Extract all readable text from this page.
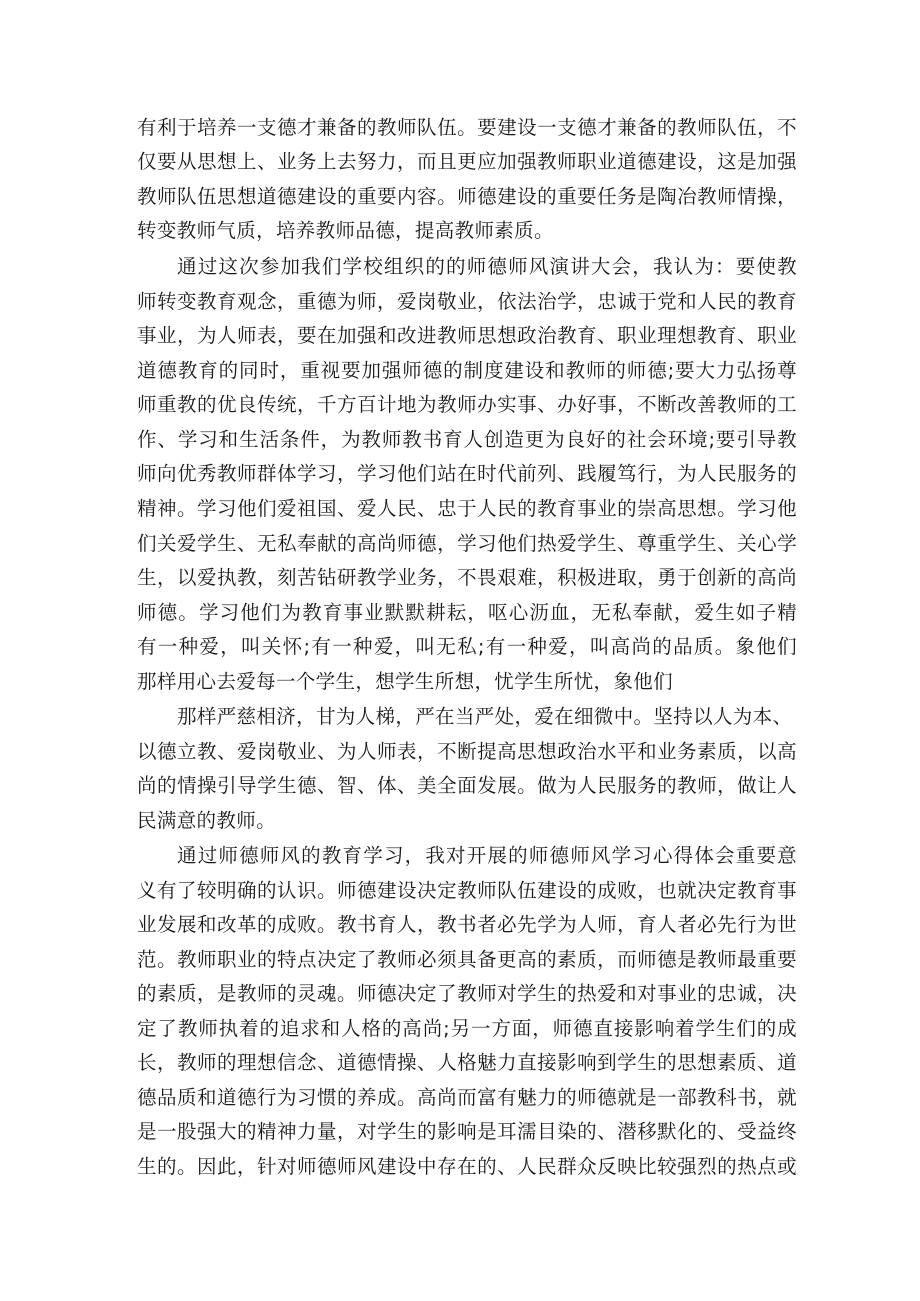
有利于培养一支德才兼备的教师队伍。要建设一支德才兼备的教师队伍，不
仅要从思想上、业务上去努力，而且更应加强教师职业道德建设，这是加强
教师队伍思想道德建设的重要内容。师德建设的重要任务是陶冶教师情操，
转变教师气质，培养教师品德，提高教师素质。
通过这次参加我们学校组织的的师德师风演讲大会，我认为：要使教
师转变教育观念，重德为师，爱岗敬业，依法治学，忠诚于党和人民的教育
事业，为人师表，要在加强和改进教师思想政治教育、职业理想教育、职业
道德教育的同时，重视要加强师德的制度建设和教师的师德;要大力弘扬尊
师重教的优良传统，千方百计地为教师办实事、办好事，不断改善教师的工
作、学习和生活条件，为教师教书育人创造更为良好的社会环境;要引导教
师向优秀教师群体学习，学习他们站在时代前列、践履笃行，为人民服务的
精神。学习他们爱祖国、爱人民、忠于人民的教育事业的崇高思想。学习他
们关爱学生、无私奉献的高尚师德，学习他们热爱学生、尊重学生、关心学
生，以爱执教，刻苦钻研教学业务，不畏艰难，积极进取，勇于创新的高尚
师德。学习他们为教育事业默默耕耘，呕心沥血，无私奉献，爱生如子精
有一种爱，叫关怀;有一种爱，叫无私;有一种爱，叫高尚的品质。象他们
那样用心去爱每一个学生，想学生所想，忧学生所忧，象他们
那样严慈相济，甘为人梯，严在当严处，爱在细微中。坚持以人为本、
以德立教、爱岗敬业、为人师表，不断提高思想政治水平和业务素质，以高
尚的情操引导学生德、智、体、美全面发展。做为人民服务的教师，做让人
民满意的教师。
通过师德师风的教育学习，我对开展的师德师风学习心得体会重要意
义有了较明确的认识。师德建设决定教师队伍建设的成败，也就决定教育事
业发展和改革的成败。教书育人，教书者必先学为人师，育人者必先行为世
范。教师职业的特点决定了教师必须具备更高的素质，而师德是教师最重要
的素质，是教师的灵魂。师德决定了教师对学生的热爱和对事业的忠诚，决
定了教师执着的追求和人格的高尚;另一方面，师德直接影响着学生们的成
长，教师的理想信念、道德情操、人格魅力直接影响到学生的思想素质、道
德品质和道德行为习惯的养成。高尚而富有魅力的师德就是一部教科书，就
是一股强大的精神力量，对学生的影响是耳濡目染的、潜移默化的、受益终
生的。因此，针对师德师风建设中存在的、人民群众反映比较强烈的热点或
